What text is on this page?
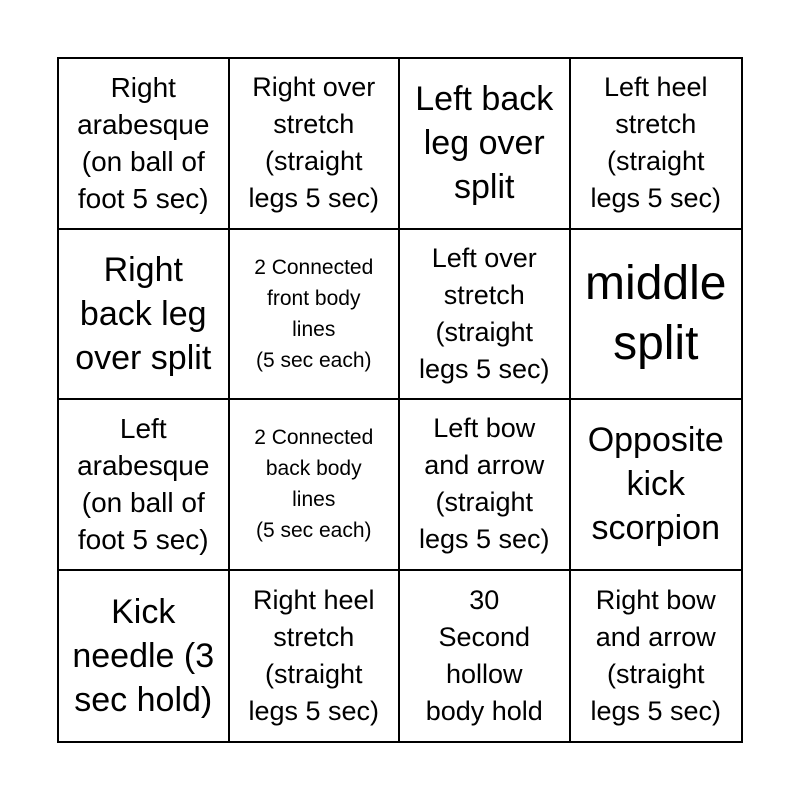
Right
arabesque
(on ball of
foot 5 sec)
Right over
stretch
(straight
legs 5 sec)
Left back
leg over
split
Left heel
stretch
(straight
legs 5 sec)
Right
back leg
over split
2 Connected
front body
lines
(5 sec each)
Left over
stretch
(straight
legs 5 sec)
middle
split
Left
arabesque
(on ball of
foot 5 sec)
2 Connected
back body
lines
(5 sec each)
Left bow
and arrow
(straight
legs 5 sec)
Opposite
kick
scorpion
Kick
needle (3
sec hold)
Right heel
stretch
(straight
legs 5 sec)
30
Second
hollow
body hold
Right bow
and arrow
(straight
legs 5 sec)
